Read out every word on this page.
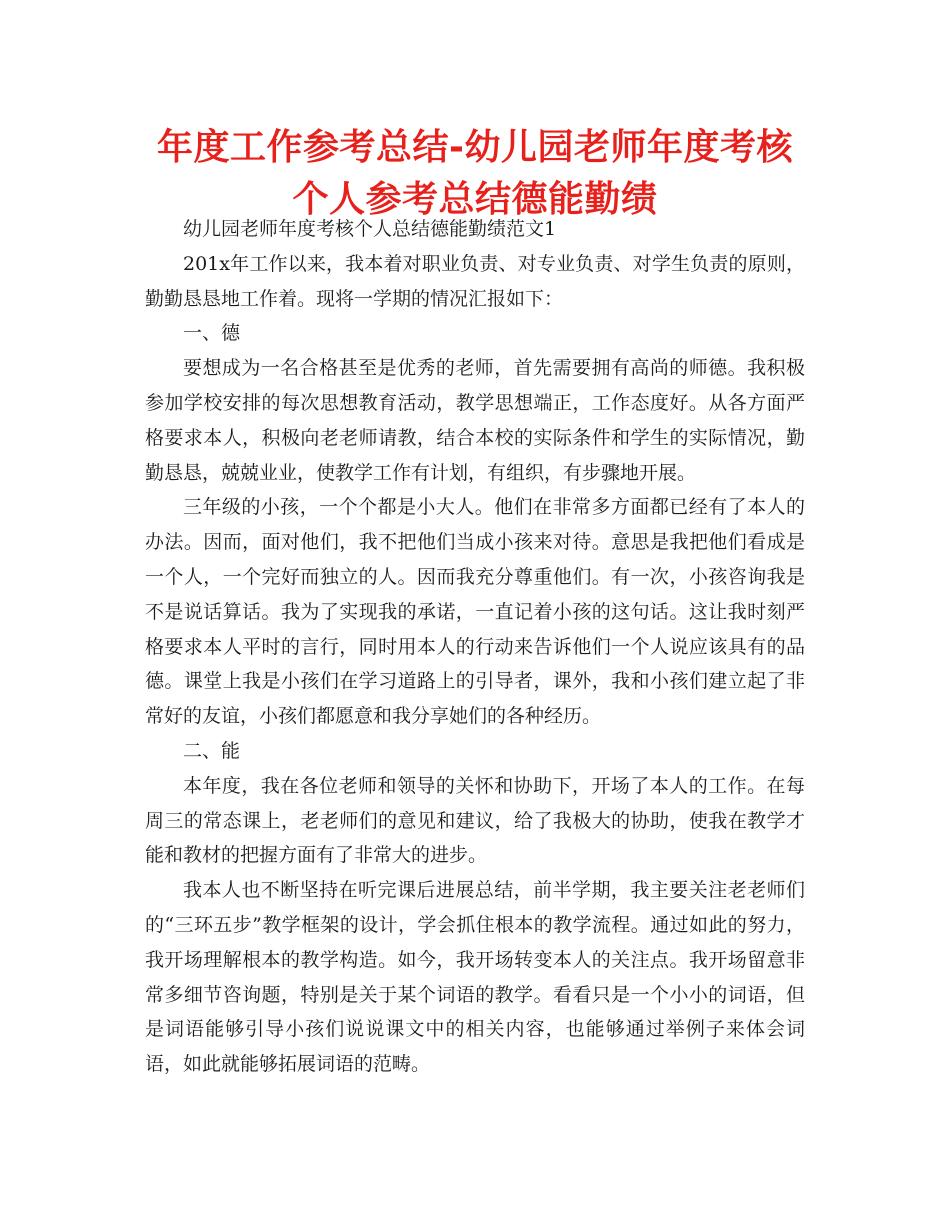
年度工作参考总结-幼儿园老师年度考核个人参考总结德能勤绩

幼儿园老师年度考核个人总结德能勤绩范文1

201x年工作以来，我本着对职业负责、对专业负责、对学生负责的原则，勤勤恳恳地工作着。现将一学期的情况汇报如下：

一、德

要想成为一名合格甚至是优秀的老师，首先需要拥有高尚的师德。我积极参加学校安排的每次思想教育活动，教学思想端正，工作态度好。从各方面严格要求本人，积极向老老师请教，结合本校的实际条件和学生的实际情况，勤勤恳恳，兢兢业业，使教学工作有计划，有组织，有步骤地开展。

三年级的小孩，一个个都是小大人。他们在非常多方面都已经有了本人的办法。因而，面对他们，我不把他们当成小孩来对待。意思是我把他们看成是一个人，一个完好而独立的人。因而我充分尊重他们。有一次，小孩咨询我是不是说话算话。我为了实现我的承诺，一直记着小孩的这句话。这让我时刻严格要求本人平时的言行，同时用本人的行动来告诉他们一个人说应该具有的品德。课堂上我是小孩们在学习道路上的引导者，课外，我和小孩们建立起了非常好的友谊，小孩们都愿意和我分享她们的各种经历。

二、能

本年度，我在各位老师和领导的关怀和协助下，开场了本人的工作。在每周三的常态课上，老老师们的意见和建议，给了我极大的协助，使我在教学才能和教材的把握方面有了非常大的进步。

我本人也不断坚持在听完课后进展总结，前半学期，我主要关注老老师们的“三环五步”教学框架的设计，学会抓住根本的教学流程。通过如此的努力，我开场理解根本的教学构造。如今，我开场转变本人的关注点。我开场留意非常多细节咨询题，特别是关于某个词语的教学。看看只是一个小小的词语，但是词语能够引导小孩们说说课文中的相关内容，也能够通过举例子来体会词语，如此就能够拓展词语的范畴。
